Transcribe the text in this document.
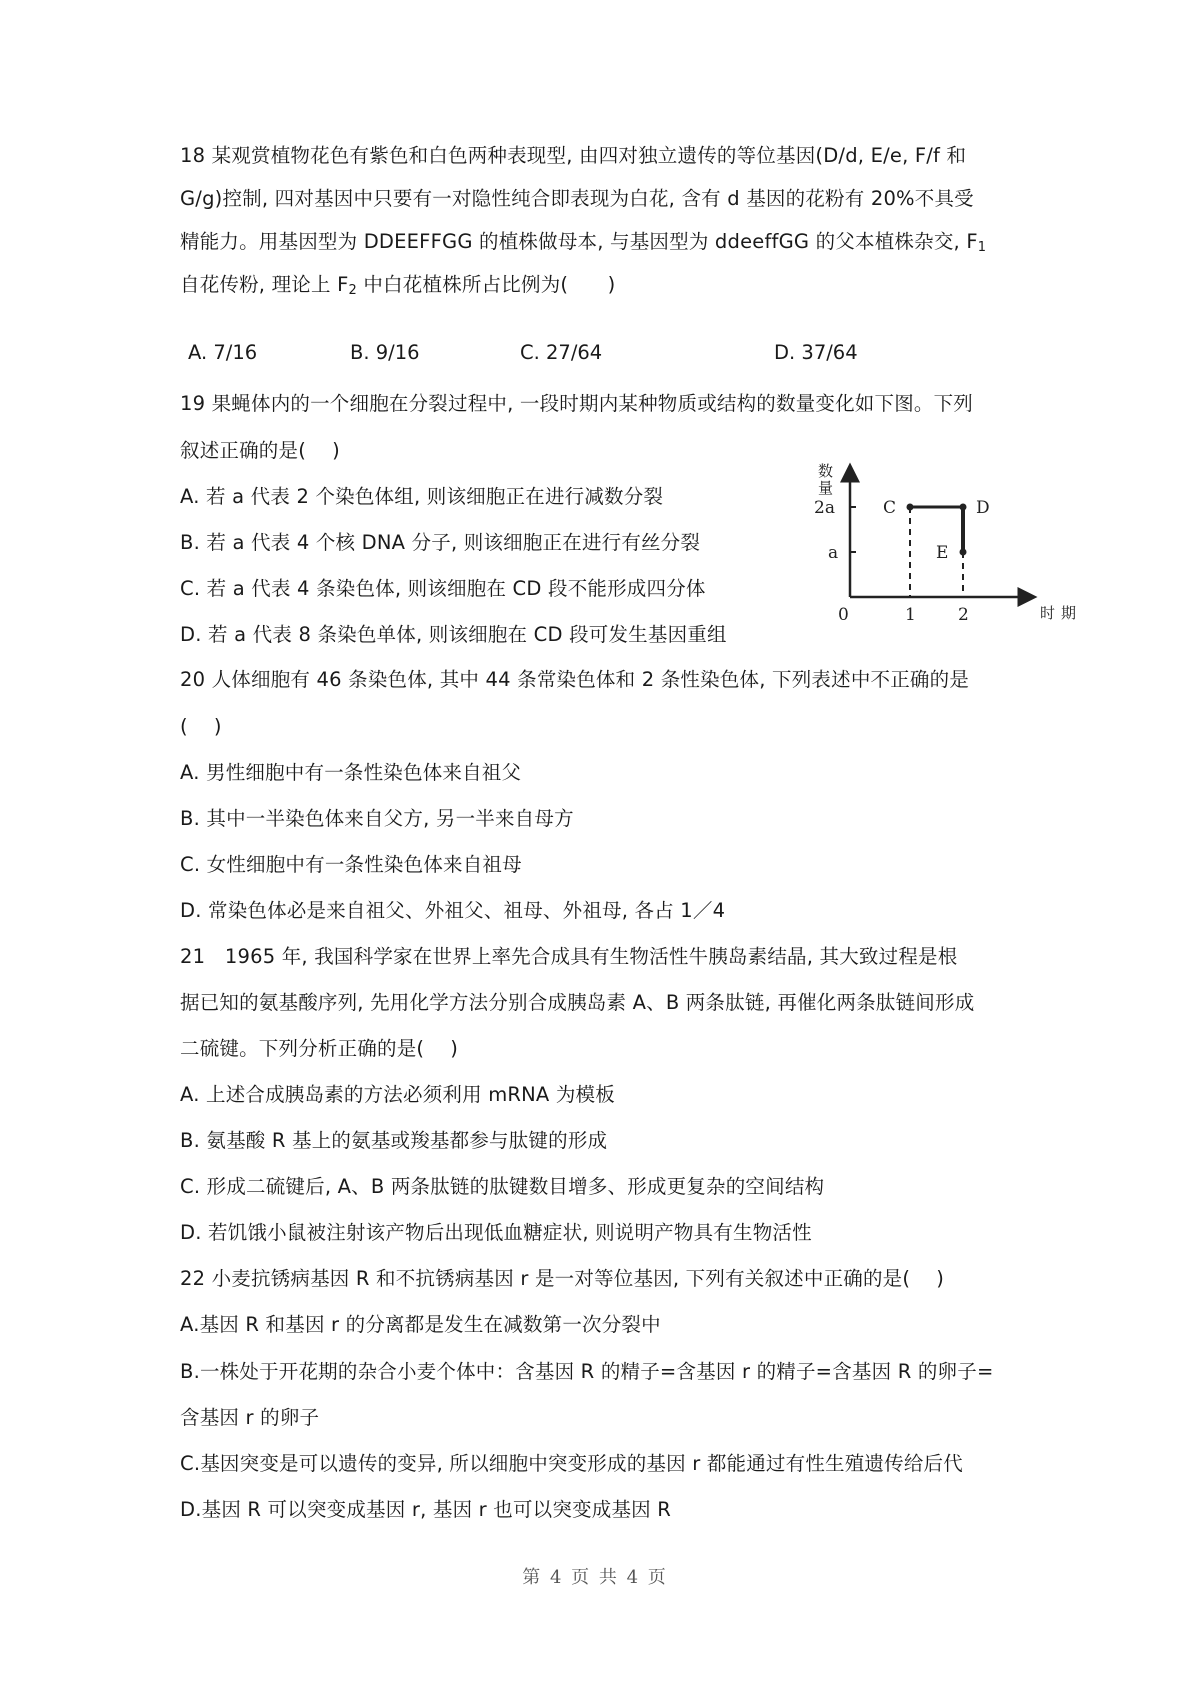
18 某观赏植物花色有紫色和白色两种表现型, 由四对独立遗传的等位基因(D/d, E/e, F/f 和
G/g)控制, 四对基因中只要有一对隐性纯合即表现为白花, 含有 d 基因的花粉有 20%不具受
精能力。用基因型为 DDEEFFGG 的植株做母本, 与基因型为 ddeeffGG 的父本植株杂交, $F_1$
自花传粉, 理论上 $F_2$ 中白花植株所占比例为(　　)
A. 7/16	B. 9/16	C. 27/64	D. 37/64
19 果蝇体内的一个细胞在分裂过程中, 一段时期内某种物质或结构的数量变化如下图。下列
叙述正确的是(　 )
A. 若 a 代表 2 个染色体组, 则该细胞正在进行减数分裂
B. 若 a 代表 4 个核 DNA 分子, 则该细胞正在进行有丝分裂
C. 若 a 代表 4 条染色体, 则该细胞在 CD 段不能形成四分体
D. 若 a 代表 8 条染色单体, 则该细胞在 CD 段可发生基因重组
数量
2a
a
0	1 2	时期
C	D
E
20 人体细胞有 46 条染色体, 其中 44 条常染色体和 2 条性染色体, 下列表述中不正确的是
(　 )
A. 男性细胞中有一条性染色体来自祖父
B. 其中一半染色体来自父方, 另一半来自母方
C. 女性细胞中有一条性染色体来自祖母
D. 常染色体必是来自祖父、外祖父、祖母、外祖母, 各占 1／4
21　1965 年, 我国科学家在世界上率先合成具有生物活性牛胰岛素结晶, 其大致过程是根
据已知的氨基酸序列, 先用化学方法分别合成胰岛素 A、B 两条肽链, 再催化两条肽链间形成
二硫键。下列分析正确的是(　 )
A. 上述合成胰岛素的方法必须利用 mRNA 为模板
B. 氨基酸 R 基上的氨基或羧基都参与肽键的形成
C. 形成二硫键后, A、B 两条肽链的肽键数目增多、形成更复杂的空间结构
D. 若饥饿小鼠被注射该产物后出现低血糖症状, 则说明产物具有生物活性
22 小麦抗锈病基因 R 和不抗锈病基因 r 是一对等位基因, 下列有关叙述中正确的是(　 )
A.基因 R 和基因 r 的分离都是发生在减数第一次分裂中
B.一株处于开花期的杂合小麦个体中：含基因 R 的精子=含基因 r 的精子=含基因 R 的卵子=
含基因 r 的卵子
C.基因突变是可以遗传的变异, 所以细胞中突变形成的基因 r 都能通过有性生殖遗传给后代
D.基因 R 可以突变成基因 r, 基因 r 也可以突变成基因 R
第 4 页 共 4 页
